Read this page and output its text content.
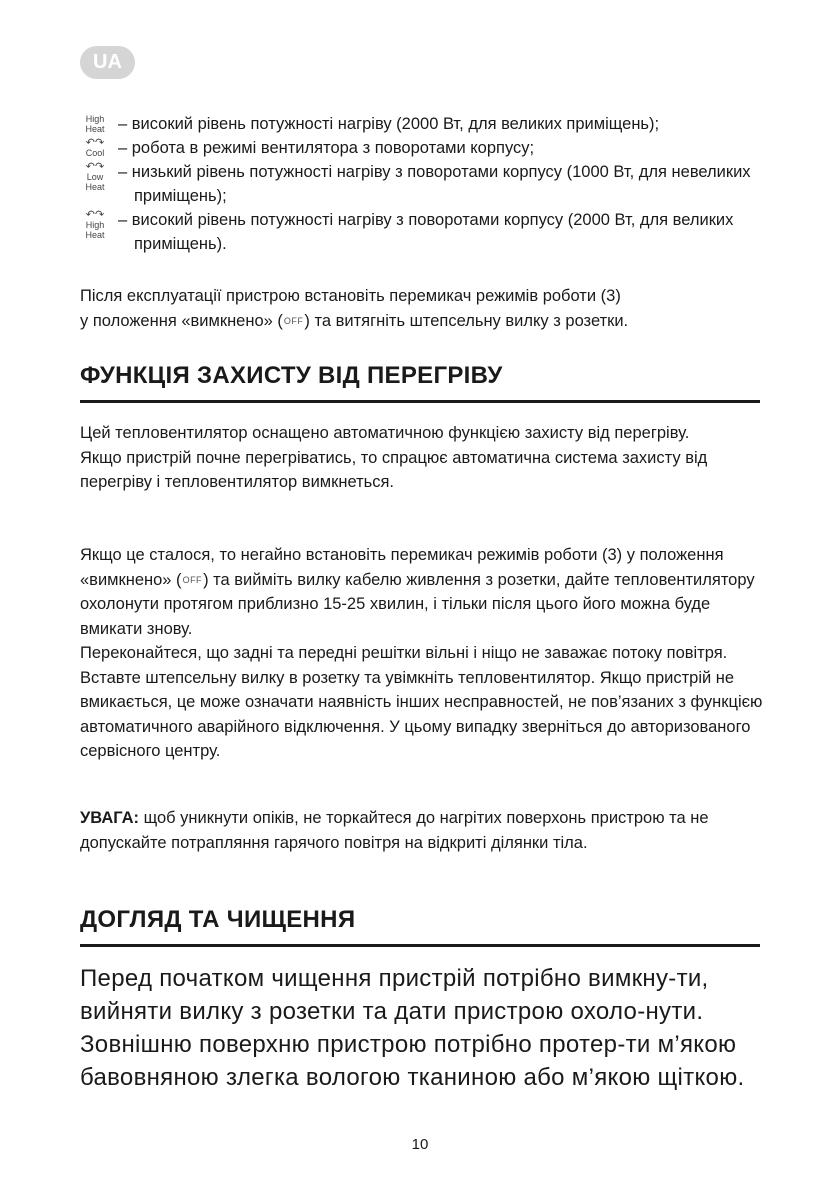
UA
High
Heat – високий рівень потужності нагріву (2000 Вт, для великих приміщень);
↶↷
Cool – робота в режимі вентилятора з поворотами корпусу;
↶↷
Low
Heat
– низький рівень потужності нагріву з поворотами корпусу (1000 Вт, для невеликих приміщень);
↶↷
High
Heat
– високий рівень потужності нагріву з поворотами корпусу (2000 Вт, для великих приміщень).
Після експлуатації пристрою встановіть перемикач режимів роботи (3)
у положення «вимкнено» (OFF) та витягніть штепсельну вилку з розетки.
ФУНКЦІЯ ЗАХИСТУ ВІД ПЕРЕГРІВУ
Цей тепловентилятор оснащено автоматичною функцією захисту від перегріву.
Якщо пристрій почне перегріватись, то спрацює автоматична система захисту від перегріву і тепловентилятор вимкнеться.
Якщо це сталося, то негайно встановіть перемикач режимів роботи (3) у положення «вимкнено» (OFF) та вийміть вилку кабелю живлення з розетки, дайте тепловентилятору охолонути протягом приблизно 15-25 хвилин, і тільки після цього його можна буде вмикати знову.
Переконайтеся, що задні та передні решітки вільні і ніщо не заважає потоку повітря.
Вставте штепсельну вилку в розетку та увімкніть тепловентилятор. Якщо пристрій не вмикається, це може означати наявність інших несправностей, не пов’язаних з функцією автоматичного аварійного відключення. У цьому випадку зверніться до авторизованого сервісного центру.
УВАГА: щоб уникнути опіків, не торкайтеся до нагрітих поверхонь пристрою та не допускайте потрапляння гарячого повітря на відкриті ділянки тіла.
ДОГЛЯД ТА ЧИЩЕННЯ
Перед початком чищення пристрій потрібно вимкну-ти, вийняти вилку з розетки та дати пристрою охоло-нути. Зовнішню поверхню пристрою потрібно протер-ти м’якою бавовняною злегка вологою тканиною або м’якою щіткою.
10
